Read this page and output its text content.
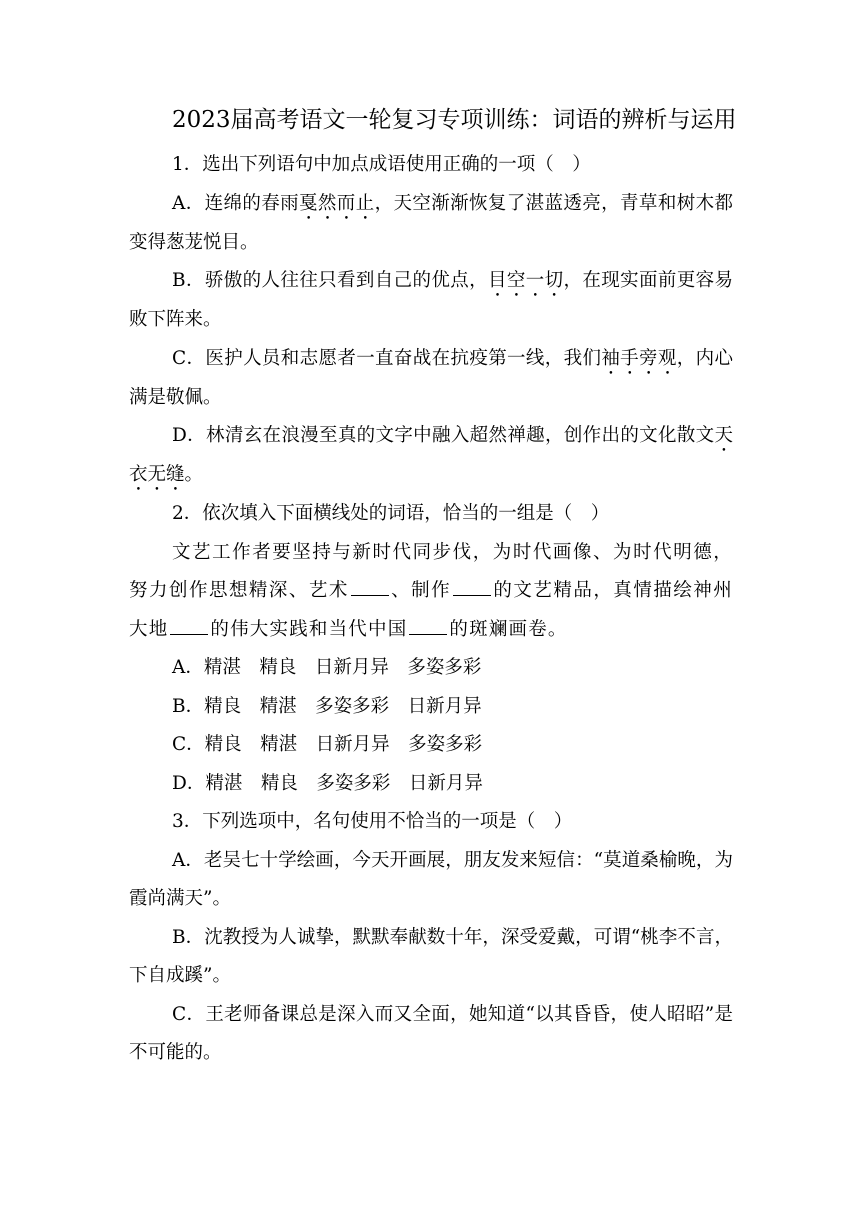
2023届高考语文一轮复习专项训练：词语的辨析与运用

1．选出下列语句中加点成语使用正确的一项（　）

A．连绵的春雨戛然而止，天空渐渐恢复了湛蓝透亮，青草和树木都变得葱茏悦目。

B．骄傲的人往往只看到自己的优点，目空一切，在现实面前更容易败下阵来。

C．医护人员和志愿者一直奋战在抗疫第一线，我们袖手旁观，内心满是敬佩。

D．林清玄在浪漫至真的文字中融入超然禅趣，创作出的文化散文天衣无缝。

2．依次填入下面横线处的词语，恰当的一组是（　）

文艺工作者要坚持与新时代同步伐，为时代画像、为时代明德，努力创作思想精深、艺术 、制作 的文艺精品，真情描绘神州大地 的伟大实践和当代中国 的斑斓画卷。

A．精湛　精良　日新月异　多姿多彩

B．精良　精湛　多姿多彩　日新月异

C．精良　精湛　日新月异　多姿多彩

D．精湛　精良　多姿多彩　日新月异

3．下列选项中，名句使用不恰当的一项是（　）

A．老吴七十学绘画，今天开画展，朋友发来短信：“莫道桑榆晚，为霞尚满天”。

B．沈教授为人诚挚，默默奉献数十年，深受爱戴，可谓“桃李不言，下自成蹊”。

C．王老师备课总是深入而又全面，她知道“以其昏昏，使人昭昭”是不可能的。
